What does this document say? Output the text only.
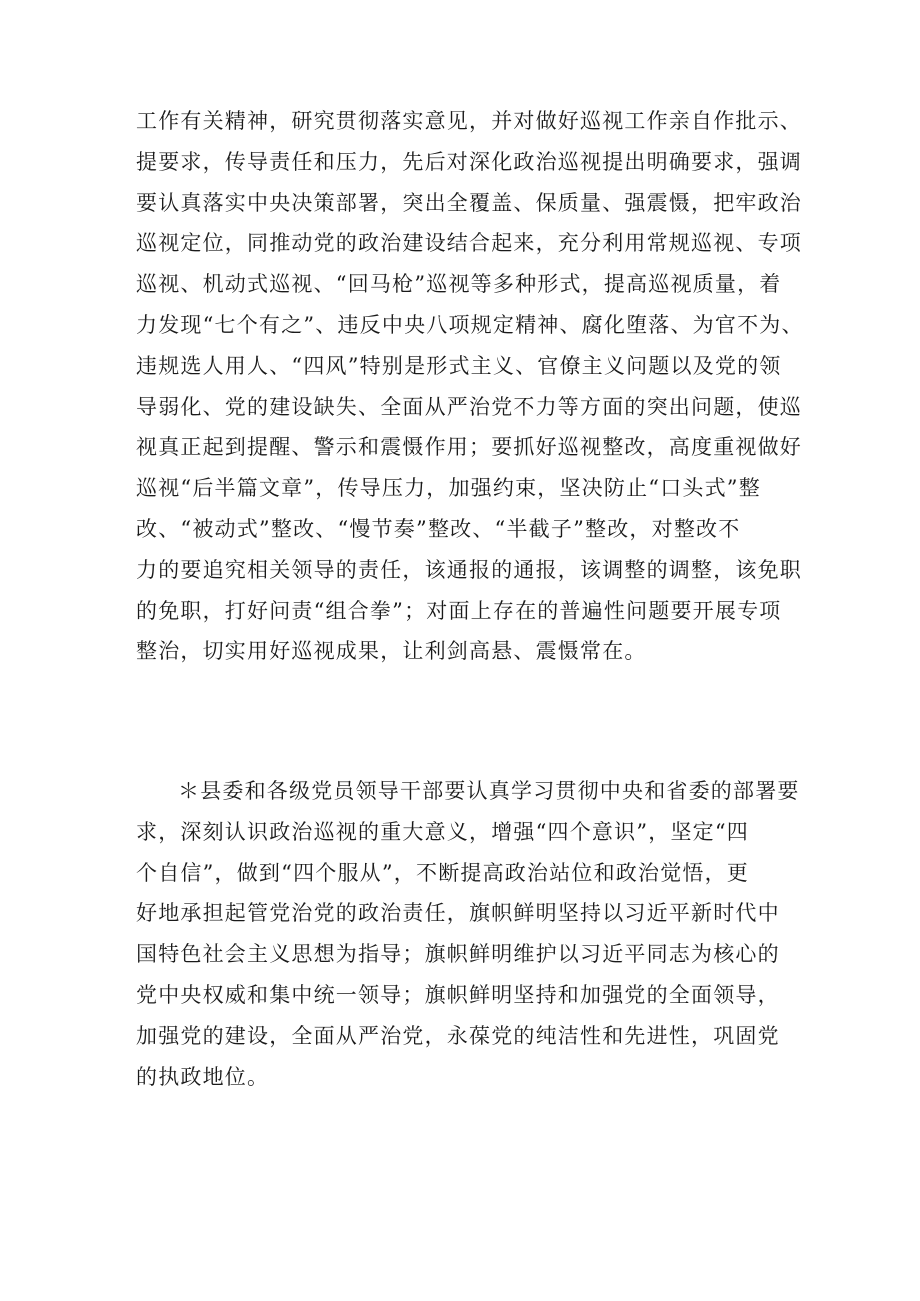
工作有关精神，研究贯彻落实意见，并对做好巡视工作亲自作批示、
提要求，传导责任和压力，先后对深化政治巡视提出明确要求，强调
要认真落实中央决策部署，突出全覆盖、保质量、强震慑，把牢政治
巡视定位，同推动党的政治建设结合起来，充分利用常规巡视、专项
巡视、机动式巡视、“回马枪”巡视等多种形式，提高巡视质量，着
力发现“七个有之”、违反中央八项规定精神、腐化堕落、为官不为、
违规选人用人、“四风”特别是形式主义、官僚主义问题以及党的领
导弱化、党的建设缺失、全面从严治党不力等方面的突出问题，使巡
视真正起到提醒、警示和震慑作用；要抓好巡视整改，高度重视做好
巡视“后半篇文章”，传导压力，加强约束，坚决防止“口头式”整
改、“被动式”整改、“慢节奏”整改、“半截子”整改，对整改不
力的要追究相关领导的责任，该通报的通报，该调整的调整，该免职
的免职，打好问责“组合拳”；对面上存在的普遍性问题要开展专项
整治，切实用好巡视成果，让利剑高悬、震慑常在。
＊县委和各级党员领导干部要认真学习贯彻中央和省委的部署要
求，深刻认识政治巡视的重大意义，增强“四个意识”，坚定“四
个自信”，做到“四个服从”，不断提高政治站位和政治觉悟，更
好地承担起管党治党的政治责任，旗帜鲜明坚持以习近平新时代中
国特色社会主义思想为指导；旗帜鲜明维护以习近平同志为核心的
党中央权威和集中统一领导；旗帜鲜明坚持和加强党的全面领导，
加强党的建设，全面从严治党，永葆党的纯洁性和先进性，巩固党
的执政地位。
